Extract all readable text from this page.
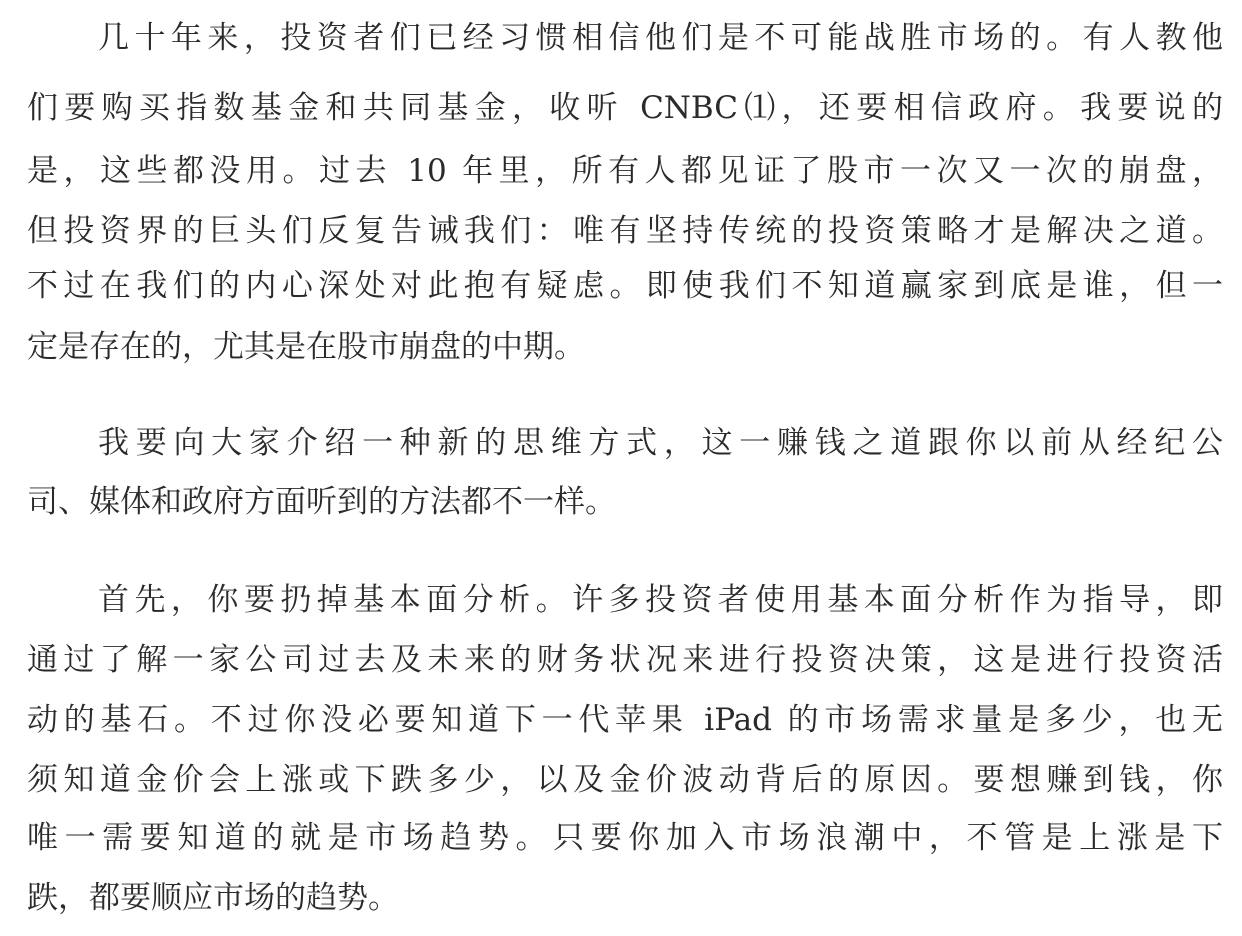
几十年来，投资者们已经习惯相信他们是不可能战胜市场的。有人教他
们要购买指数基金和共同基金，收听 CNBC⑴，还要相信政府。我要说的
是，这些都没用。过去 10 年里，所有人都见证了股市一次又一次的崩盘，
但投资界的巨头们反复告诫我们：唯有坚持传统的投资策略才是解决之道。
不过在我们的内心深处对此抱有疑虑。即使我们不知道赢家到底是谁，但一
定是存在的，尤其是在股市崩盘的中期。
我要向大家介绍一种新的思维方式，这一赚钱之道跟你以前从经纪公
司、媒体和政府方面听到的方法都不一样。
首先，你要扔掉基本面分析。许多投资者使用基本面分析作为指导，即
通过了解一家公司过去及未来的财务状况来进行投资决策，这是进行投资活
动的基石。不过你没必要知道下一代苹果 iPad 的市场需求量是多少，也无
须知道金价会上涨或下跌多少，以及金价波动背后的原因。要想赚到钱，你
唯一需要知道的就是市场趋势。只要你加入市场浪潮中，不管是上涨是下
跌，都要顺应市场的趋势。
